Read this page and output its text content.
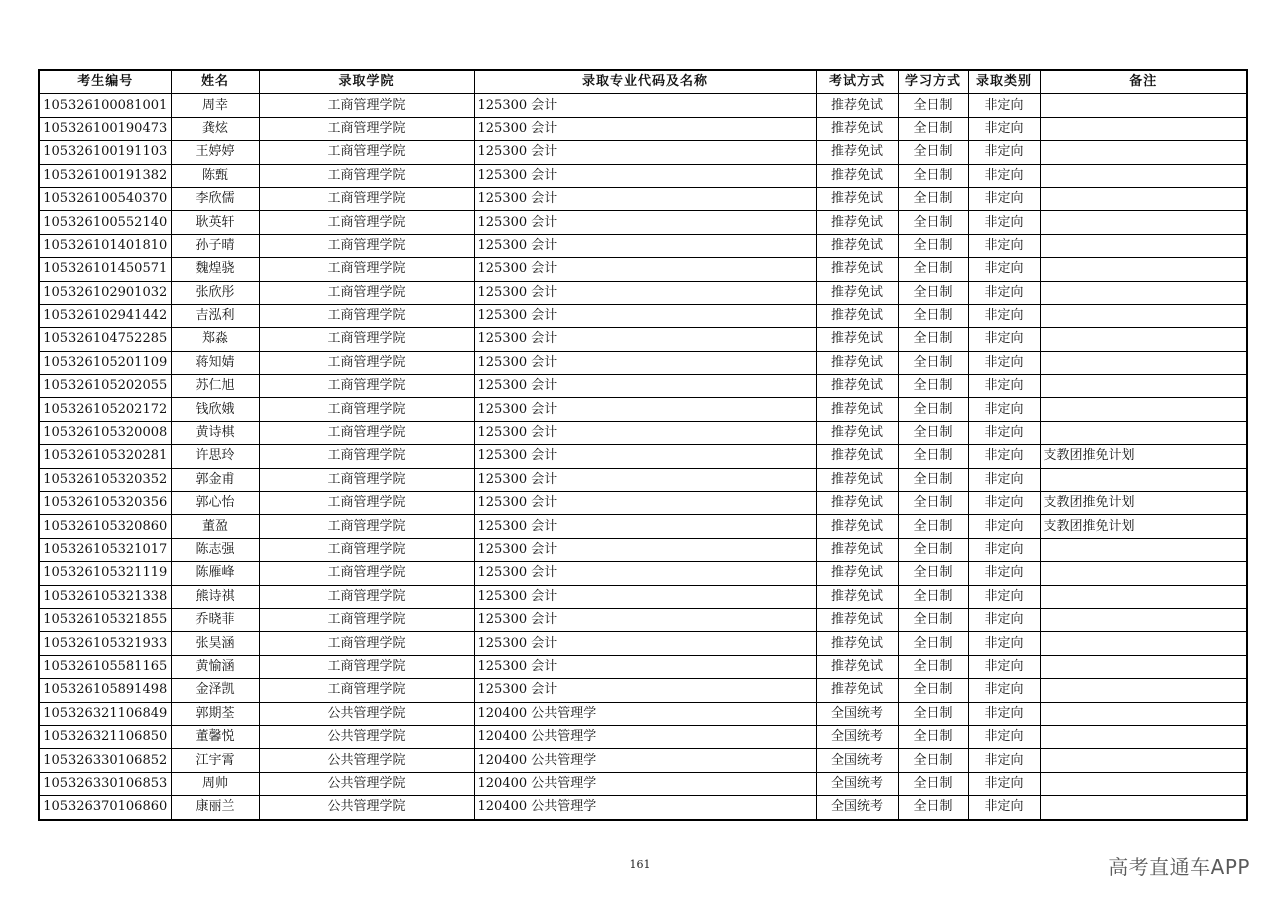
考生编号	姓名	录取学院	录取专业代码及名称	考试方式	学习方式	录取类别	备注
105326100081001	周幸	工商管理学院	125300 会计	推荐免试	全日制	非定向	
105326100190473	龚炫	工商管理学院	125300 会计	推荐免试	全日制	非定向	
105326100191103	王婷婷	工商管理学院	125300 会计	推荐免试	全日制	非定向	
105326100191382	陈甄	工商管理学院	125300 会计	推荐免试	全日制	非定向	
105326100540370	李欣儒	工商管理学院	125300 会计	推荐免试	全日制	非定向	
105326100552140	耿英轩	工商管理学院	125300 会计	推荐免试	全日制	非定向	
105326101401810	孙子晴	工商管理学院	125300 会计	推荐免试	全日制	非定向	
105326101450571	魏煌骁	工商管理学院	125300 会计	推荐免试	全日制	非定向	
105326102901032	张欣彤	工商管理学院	125300 会计	推荐免试	全日制	非定向	
105326102941442	吉泓利	工商管理学院	125300 会计	推荐免试	全日制	非定向	
105326104752285	郑淼	工商管理学院	125300 会计	推荐免试	全日制	非定向	
105326105201109	蒋知婧	工商管理学院	125300 会计	推荐免试	全日制	非定向	
105326105202055	苏仁旭	工商管理学院	125300 会计	推荐免试	全日制	非定向	
105326105202172	钱欣娥	工商管理学院	125300 会计	推荐免试	全日制	非定向	
105326105320008	黄诗棋	工商管理学院	125300 会计	推荐免试	全日制	非定向	
105326105320281	许思玲	工商管理学院	125300 会计	推荐免试	全日制	非定向	支教团推免计划
105326105320352	郭金甫	工商管理学院	125300 会计	推荐免试	全日制	非定向	
105326105320356	郭心怡	工商管理学院	125300 会计	推荐免试	全日制	非定向	支教团推免计划
105326105320860	董盈	工商管理学院	125300 会计	推荐免试	全日制	非定向	支教团推免计划
105326105321017	陈志强	工商管理学院	125300 会计	推荐免试	全日制	非定向	
105326105321119	陈雁峰	工商管理学院	125300 会计	推荐免试	全日制	非定向	
105326105321338	熊诗祺	工商管理学院	125300 会计	推荐免试	全日制	非定向	
105326105321855	乔晓菲	工商管理学院	125300 会计	推荐免试	全日制	非定向	
105326105321933	张昊涵	工商管理学院	125300 会计	推荐免试	全日制	非定向	
105326105581165	黄愉涵	工商管理学院	125300 会计	推荐免试	全日制	非定向	
105326105891498	金泽凯	工商管理学院	125300 会计	推荐免试	全日制	非定向	
105326321106849	郭期荃	公共管理学院	120400 公共管理学	全国统考	全日制	非定向	
105326321106850	董馨悦	公共管理学院	120400 公共管理学	全国统考	全日制	非定向	
105326330106852	江宇霄	公共管理学院	120400 公共管理学	全国统考	全日制	非定向	
105326330106853	周帅	公共管理学院	120400 公共管理学	全国统考	全日制	非定向	
105326370106860	康丽兰	公共管理学院	120400 公共管理学	全国统考	全日制	非定向	
161	高考直通车APP
